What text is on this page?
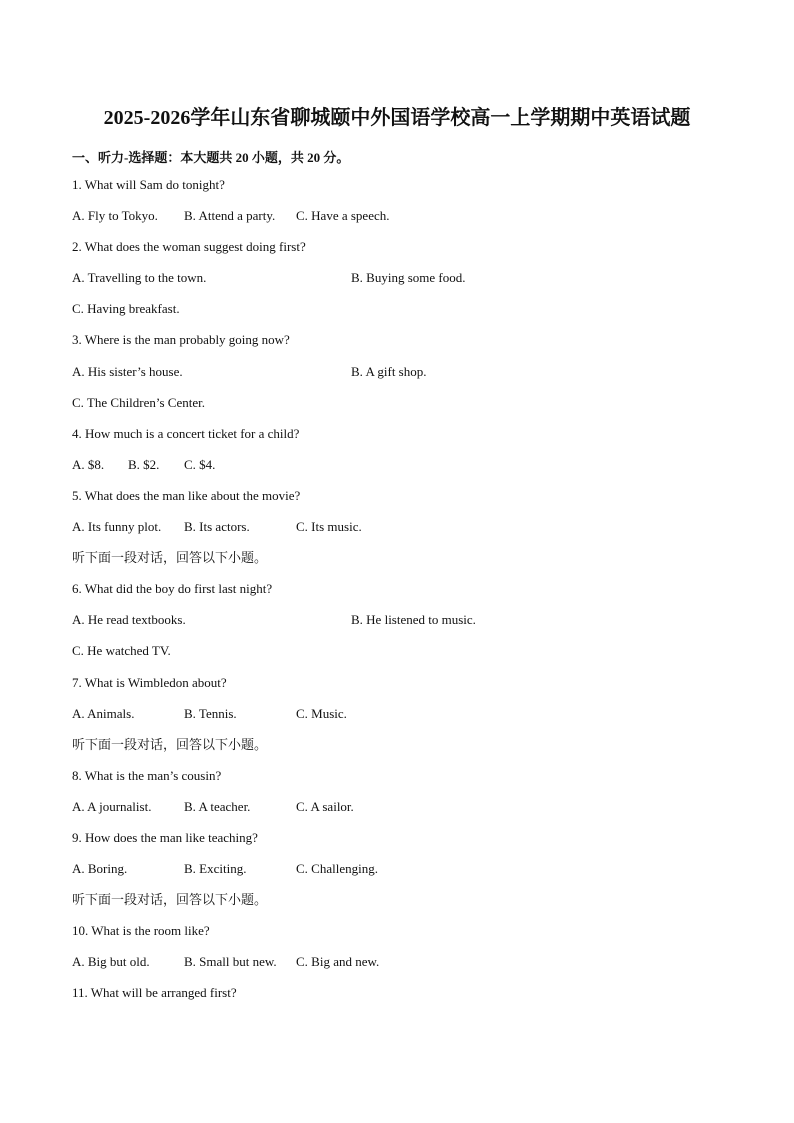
2025-2026学年山东省聊城颐中外国语学校高一上学期期中英语试题
一、听力-选择题：本大题共 20 小题，共 20 分。
1. What will Sam do tonight?
A. Fly to Tokyo. B. Attend a party. C. Have a speech.
2. What does the woman suggest doing first?
A. Travelling to the town.	B. Buying some food.
C. Having breakfast.
3. Where is the man probably going now?
A. His sister’s house.	B. A gift shop.
C. The Children’s Center.
4. How much is a concert ticket for a child?
A. $8. B. $2. C. $4.
5. What does the man like about the movie?
A. Its funny plot. B. Its actors.	C. Its music.
听下面一段对话，回答以下小题。
6. What did the boy do first last night?
A. He read textbooks.	B. He listened to music.
C. He watched TV.
7. What is Wimbledon about?
A. Animals.	B. Tennis.	C. Music.
听下面一段对话，回答以下小题。
8. What is the man’s cousin?
A. A journalist.	B. A teacher.	C. A sailor.
9. How does the man like teaching?
A. Boring.	B. Exciting.	C. Challenging.
听下面一段对话，回答以下小题。
10. What is the room like?
A. Big but old.	B. Small but new. C. Big and new.
11. What will be arranged first?
